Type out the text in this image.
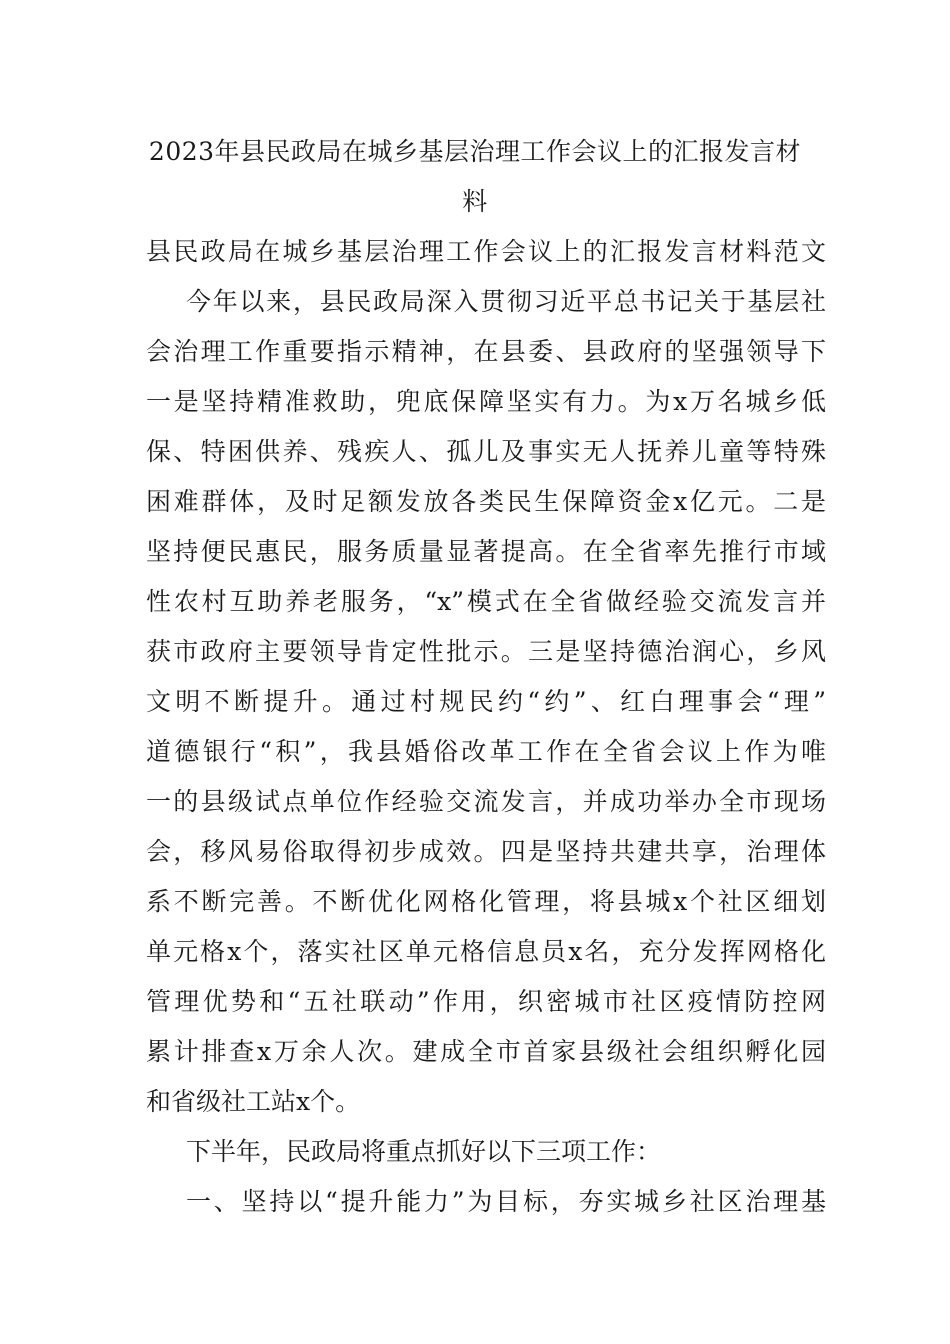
2023年县民政局在城乡基层治理工作会议上的汇报发言材
料
县民政局在城乡基层治理工作会议上的汇报发言材料范文
今年以来，县民政局深入贯彻习近平总书记关于基层社
会治理工作重要指示精神，在县委、县政府的坚强领导下
一是坚持精准救助，兜底保障坚实有力。为x万名城乡低
保、特困供养、残疾人、孤儿及事实无人抚养儿童等特殊
困难群体，及时足额发放各类民生保障资金x亿元。二是
坚持便民惠民，服务质量显著提高。在全省率先推行市域
性农村互助养老服务，“x”模式在全省做经验交流发言并
获市政府主要领导肯定性批示。三是坚持德治润心，乡风
文明不断提升。通过村规民约“约”、红白理事会“理”
道德银行“积”，我县婚俗改革工作在全省会议上作为唯
一的县级试点单位作经验交流发言，并成功举办全市现场
会，移风易俗取得初步成效。四是坚持共建共享，治理体
系不断完善。不断优化网格化管理，将县城x个社区细划
单元格x个，落实社区单元格信息员x名，充分发挥网格化
管理优势和“五社联动”作用，织密城市社区疫情防控网
累计排查x万余人次。建成全市首家县级社会组织孵化园
和省级社工站x个。
下半年，民政局将重点抓好以下三项工作：
一、坚持以“提升能力”为目标，夯实城乡社区治理基
